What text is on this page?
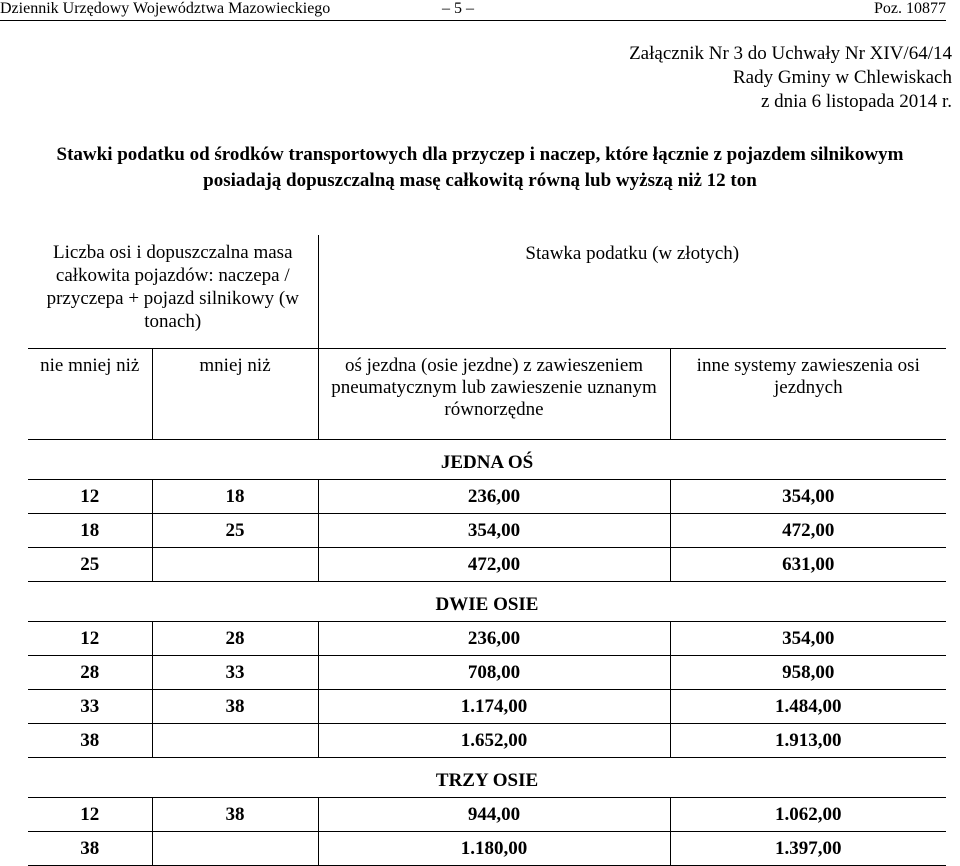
Dziennik Urzędowy Województwa Mazowieckiego	– 5 –	Poz. 10877
Załącznik Nr 3 do Uchwały Nr XIV/64/14
Rady Gminy w Chlewiskach
z dnia 6 listopada 2014 r.
Stawki podatku od środków transportowych dla przyczep i naczep, które łącznie z pojazdem silnikowym
posiadają dopuszczalną masę całkowitą równą lub wyższą niż 12 ton
Liczba osi i dopuszczalna masa całkowita pojazdów: naczepa / przyczepa + pojazd silnikowy (w tonach)		Stawka podatku (w złotych)	
nie mniej niż	mniej niż	oś jezdna (osie jezdne) z zawieszeniem pneumatycznym lub zawieszenie uznanym równorzędne	inne systemy zawieszenia osi jezdnych
JEDNA OŚ			
12	18	236,00	354,00
18	25	354,00	472,00
25		472,00	631,00
DWIE OSIE			
12	28	236,00	354,00
28	33	708,00	958,00
33	38	1.174,00	1.484,00
38		1.652,00	1.913,00
TRZY OSIE			
12	38	944,00	1.062,00
38		1.180,00	1.397,00
